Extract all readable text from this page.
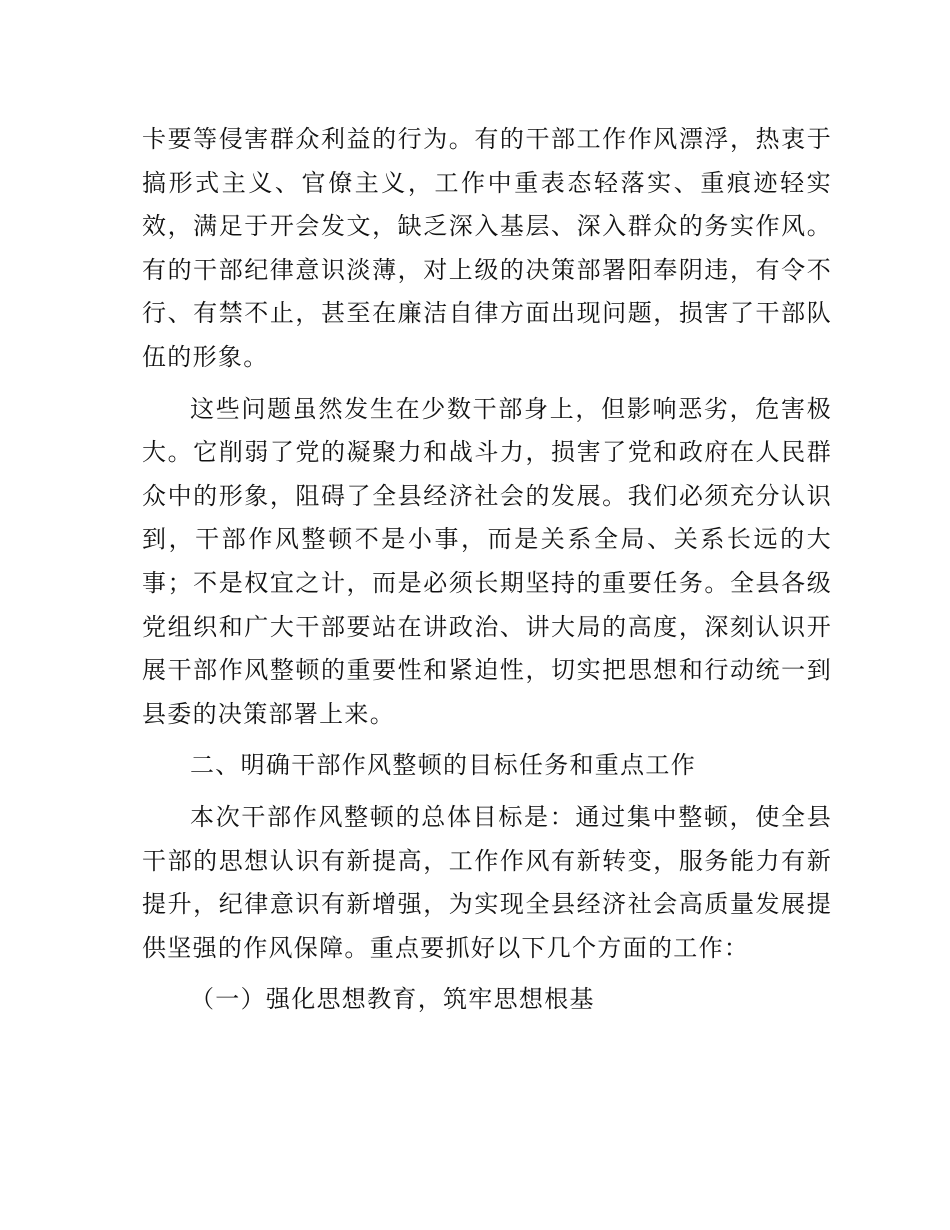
卡要等侵害群众利益的行为。有的干部工作作风漂浮，热衷于搞形式主义、官僚主义，工作中重表态轻落实、重痕迹轻实效，满足于开会发文，缺乏深入基层、深入群众的务实作风。有的干部纪律意识淡薄，对上级的决策部署阳奉阴违，有令不行、有禁不止，甚至在廉洁自律方面出现问题，损害了干部队伍的形象。

这些问题虽然发生在少数干部身上，但影响恶劣，危害极大。它削弱了党的凝聚力和战斗力，损害了党和政府在人民群众中的形象，阻碍了全县经济社会的发展。我们必须充分认识到，干部作风整顿不是小事，而是关系全局、关系长远的大事；不是权宜之计，而是必须长期坚持的重要任务。全县各级党组织和广大干部要站在讲政治、讲大局的高度，深刻认识开展干部作风整顿的重要性和紧迫性，切实把思想和行动统一到县委的决策部署上来。

二、明确干部作风整顿的目标任务和重点工作

本次干部作风整顿的总体目标是：通过集中整顿，使全县干部的思想认识有新提高，工作作风有新转变，服务能力有新提升，纪律意识有新增强，为实现全县经济社会高质量发展提供坚强的作风保障。重点要抓好以下几个方面的工作：

（一）强化思想教育，筑牢思想根基
